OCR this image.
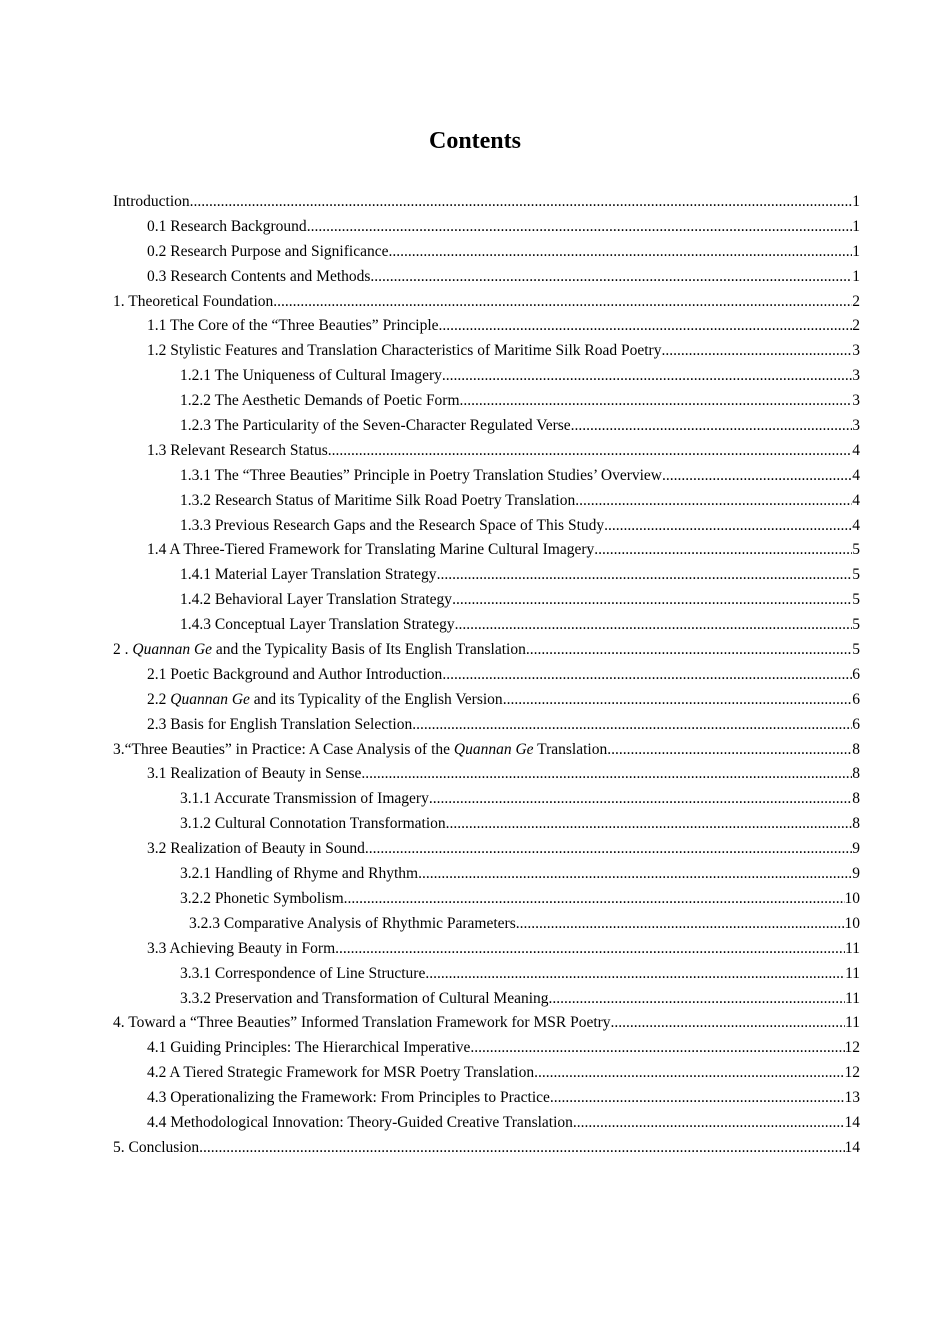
Contents
Introduction .....	1
0.1 Research Background .....	1
0.2 Research Purpose and Significance .....	1
0.3 Research Contents and Methods .....	1
1. Theoretical Foundation .....	2
1.1 The Core of the “Three Beauties” Principle .....	2
1.2 Stylistic Features and Translation Characteristics of Maritime Silk Road Poetry .....	3
1.2.1 The Uniqueness of Cultural Imagery .....	3
1.2.2 The Aesthetic Demands of Poetic Form .....	3
1.2.3 The Particularity of the Seven-Character Regulated Verse .....	3
1.3 Relevant Research Status .....	4
1.3.1 The “Three Beauties” Principle in Poetry Translation Studies’ Overview .....	4
1.3.2 Research Status of Maritime Silk Road Poetry Translation .....	4
1.3.3 Previous Research Gaps and the Research Space of This Study .....	4
1.4 A Three-Tiered Framework for Translating Marine Cultural Imagery .....	5
1.4.1 Material Layer Translation Strategy .....	5
1.4.2 Behavioral Layer Translation Strategy .....	5
1.4.3 Conceptual Layer Translation Strategy .....	5
2 . Quannan Ge and the Typicality Basis of Its English Translation .....	5
2.1 Poetic Background and Author Introduction .....	6
2.2 Quannan Ge and its Typicality of the English Version .....	6
2.3 Basis for English Translation Selection .....	6
3.“Three Beauties” in Practice: A Case Analysis of the Quannan Ge Translation .....	8
3.1 Realization of Beauty in Sense .....	8
3.1.1 Accurate Transmission of Imagery .....	8
3.1.2 Cultural Connotation Transformation .....	8
3.2 Realization of Beauty in Sound .....	9
3.2.1 Handling of Rhyme and Rhythm .....	9
3.2.2 Phonetic Symbolism .....	10
3.2.3 Comparative Analysis of Rhythmic Parameters .....	10
3.3 Achieving Beauty in Form .....	11
3.3.1 Correspondence of Line Structure .....	11
3.3.2 Preservation and Transformation of Cultural Meaning .....	11
4. Toward a “Three Beauties” Informed Translation Framework for MSR Poetry .....	11
4.1 Guiding Principles: The Hierarchical Imperative .....	12
4.2 A Tiered Strategic Framework for MSR Poetry Translation .....	12
4.3 Operationalizing the Framework: From Principles to Practice .....	13
4.4 Methodological Innovation: Theory-Guided Creative Translation .....	14
5. Conclusion .....	14
